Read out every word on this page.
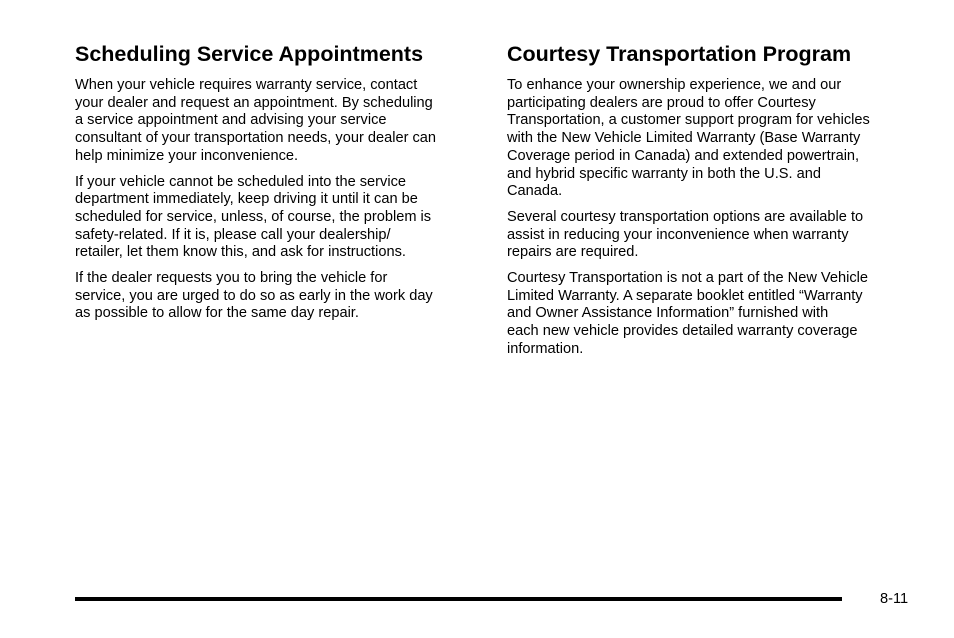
Scheduling Service Appointments

When your vehicle requires warranty service, contact
your dealer and request an appointment. By scheduling
a service appointment and advising your service
consultant of your transportation needs, your dealer can
help minimize your inconvenience.

If your vehicle cannot be scheduled into the service
department immediately, keep driving it until it can be
scheduled for service, unless, of course, the problem is
safety-related. If it is, please call your dealership/
retailer, let them know this, and ask for instructions.

If the dealer requests you to bring the vehicle for
service, you are urged to do so as early in the work day
as possible to allow for the same day repair.

Courtesy Transportation Program

To enhance your ownership experience, we and our
participating dealers are proud to offer Courtesy
Transportation, a customer support program for vehicles
with the New Vehicle Limited Warranty (Base Warranty
Coverage period in Canada) and extended powertrain,
and hybrid specific warranty in both the U.S. and
Canada.

Several courtesy transportation options are available to
assist in reducing your inconvenience when warranty
repairs are required.

Courtesy Transportation is not a part of the New Vehicle
Limited Warranty. A separate booklet entitled “Warranty
and Owner Assistance Information” furnished with
each new vehicle provides detailed warranty coverage
information.

8-11
